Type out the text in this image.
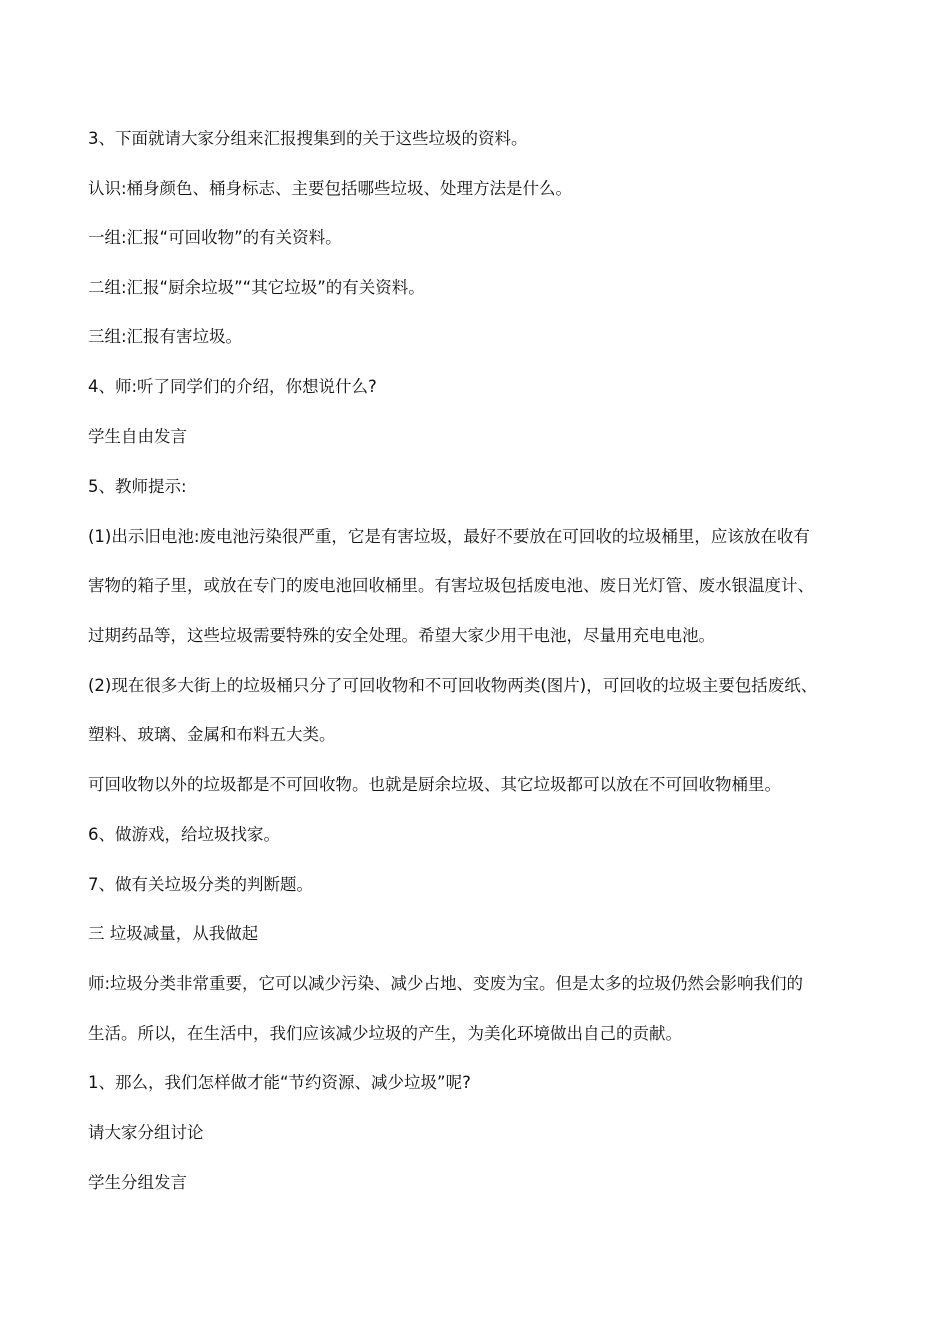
3、下面就请大家分组来汇报搜集到的关于这些垃圾的资料。
认识:桶身颜色、桶身标志、主要包括哪些垃圾、处理方法是什么。
一组:汇报“可回收物”的有关资料。
二组:汇报“厨余垃圾”“其它垃圾”的有关资料。
三组:汇报有害垃圾。
4、师:听了同学们的介绍，你想说什么?
学生自由发言
5、教师提示:
(1)出示旧电池:废电池污染很严重，它是有害垃圾，最好不要放在可回收的垃圾桶里，应该放在收有
害物的箱子里，或放在专门的废电池回收桶里。有害垃圾包括废电池、废日光灯管、废水银温度计、
过期药品等，这些垃圾需要特殊的安全处理。希望大家少用干电池，尽量用充电电池。
(2)现在很多大街上的垃圾桶只分了可回收物和不可回收物两类(图片)，可回收的垃圾主要包括废纸、
塑料、玻璃、金属和布料五大类。
可回收物以外的垃圾都是不可回收物。也就是厨余垃圾、其它垃圾都可以放在不可回收物桶里。
6、做游戏，给垃圾找家。
7、做有关垃圾分类的判断题。
三 垃圾减量，从我做起
师:垃圾分类非常重要，它可以减少污染、减少占地、变废为宝。但是太多的垃圾仍然会影响我们的
生活。所以，在生活中，我们应该减少垃圾的产生，为美化环境做出自己的贡献。
1、那么，我们怎样做才能“节约资源、减少垃圾”呢?
请大家分组讨论
学生分组发言
